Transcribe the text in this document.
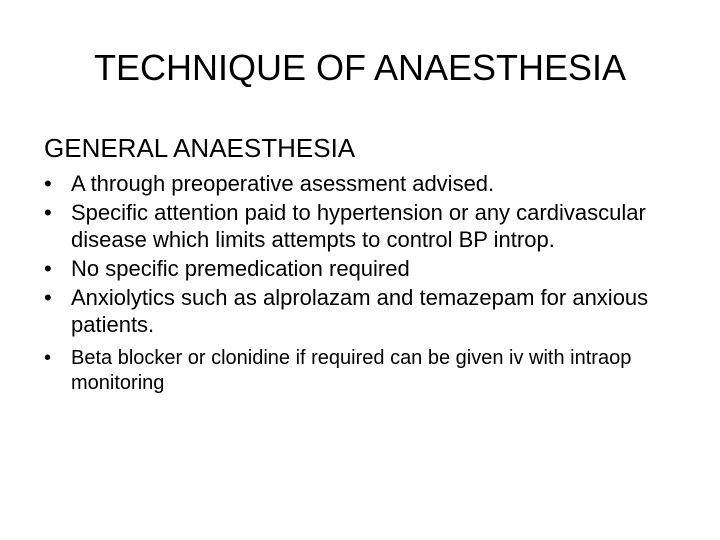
TECHNIQUE OF ANAESTHESIA
GENERAL ANAESTHESIA
• A through preoperative asessment advised.
• Specific attention paid to hypertension or any cardivascular disease which limits attempts to control BP introp.
• No specific premedication required
• Anxiolytics such as alprolazam and temazepam for anxious patients.
• Beta blocker or clonidine if required can be given iv with intraop monitoring
